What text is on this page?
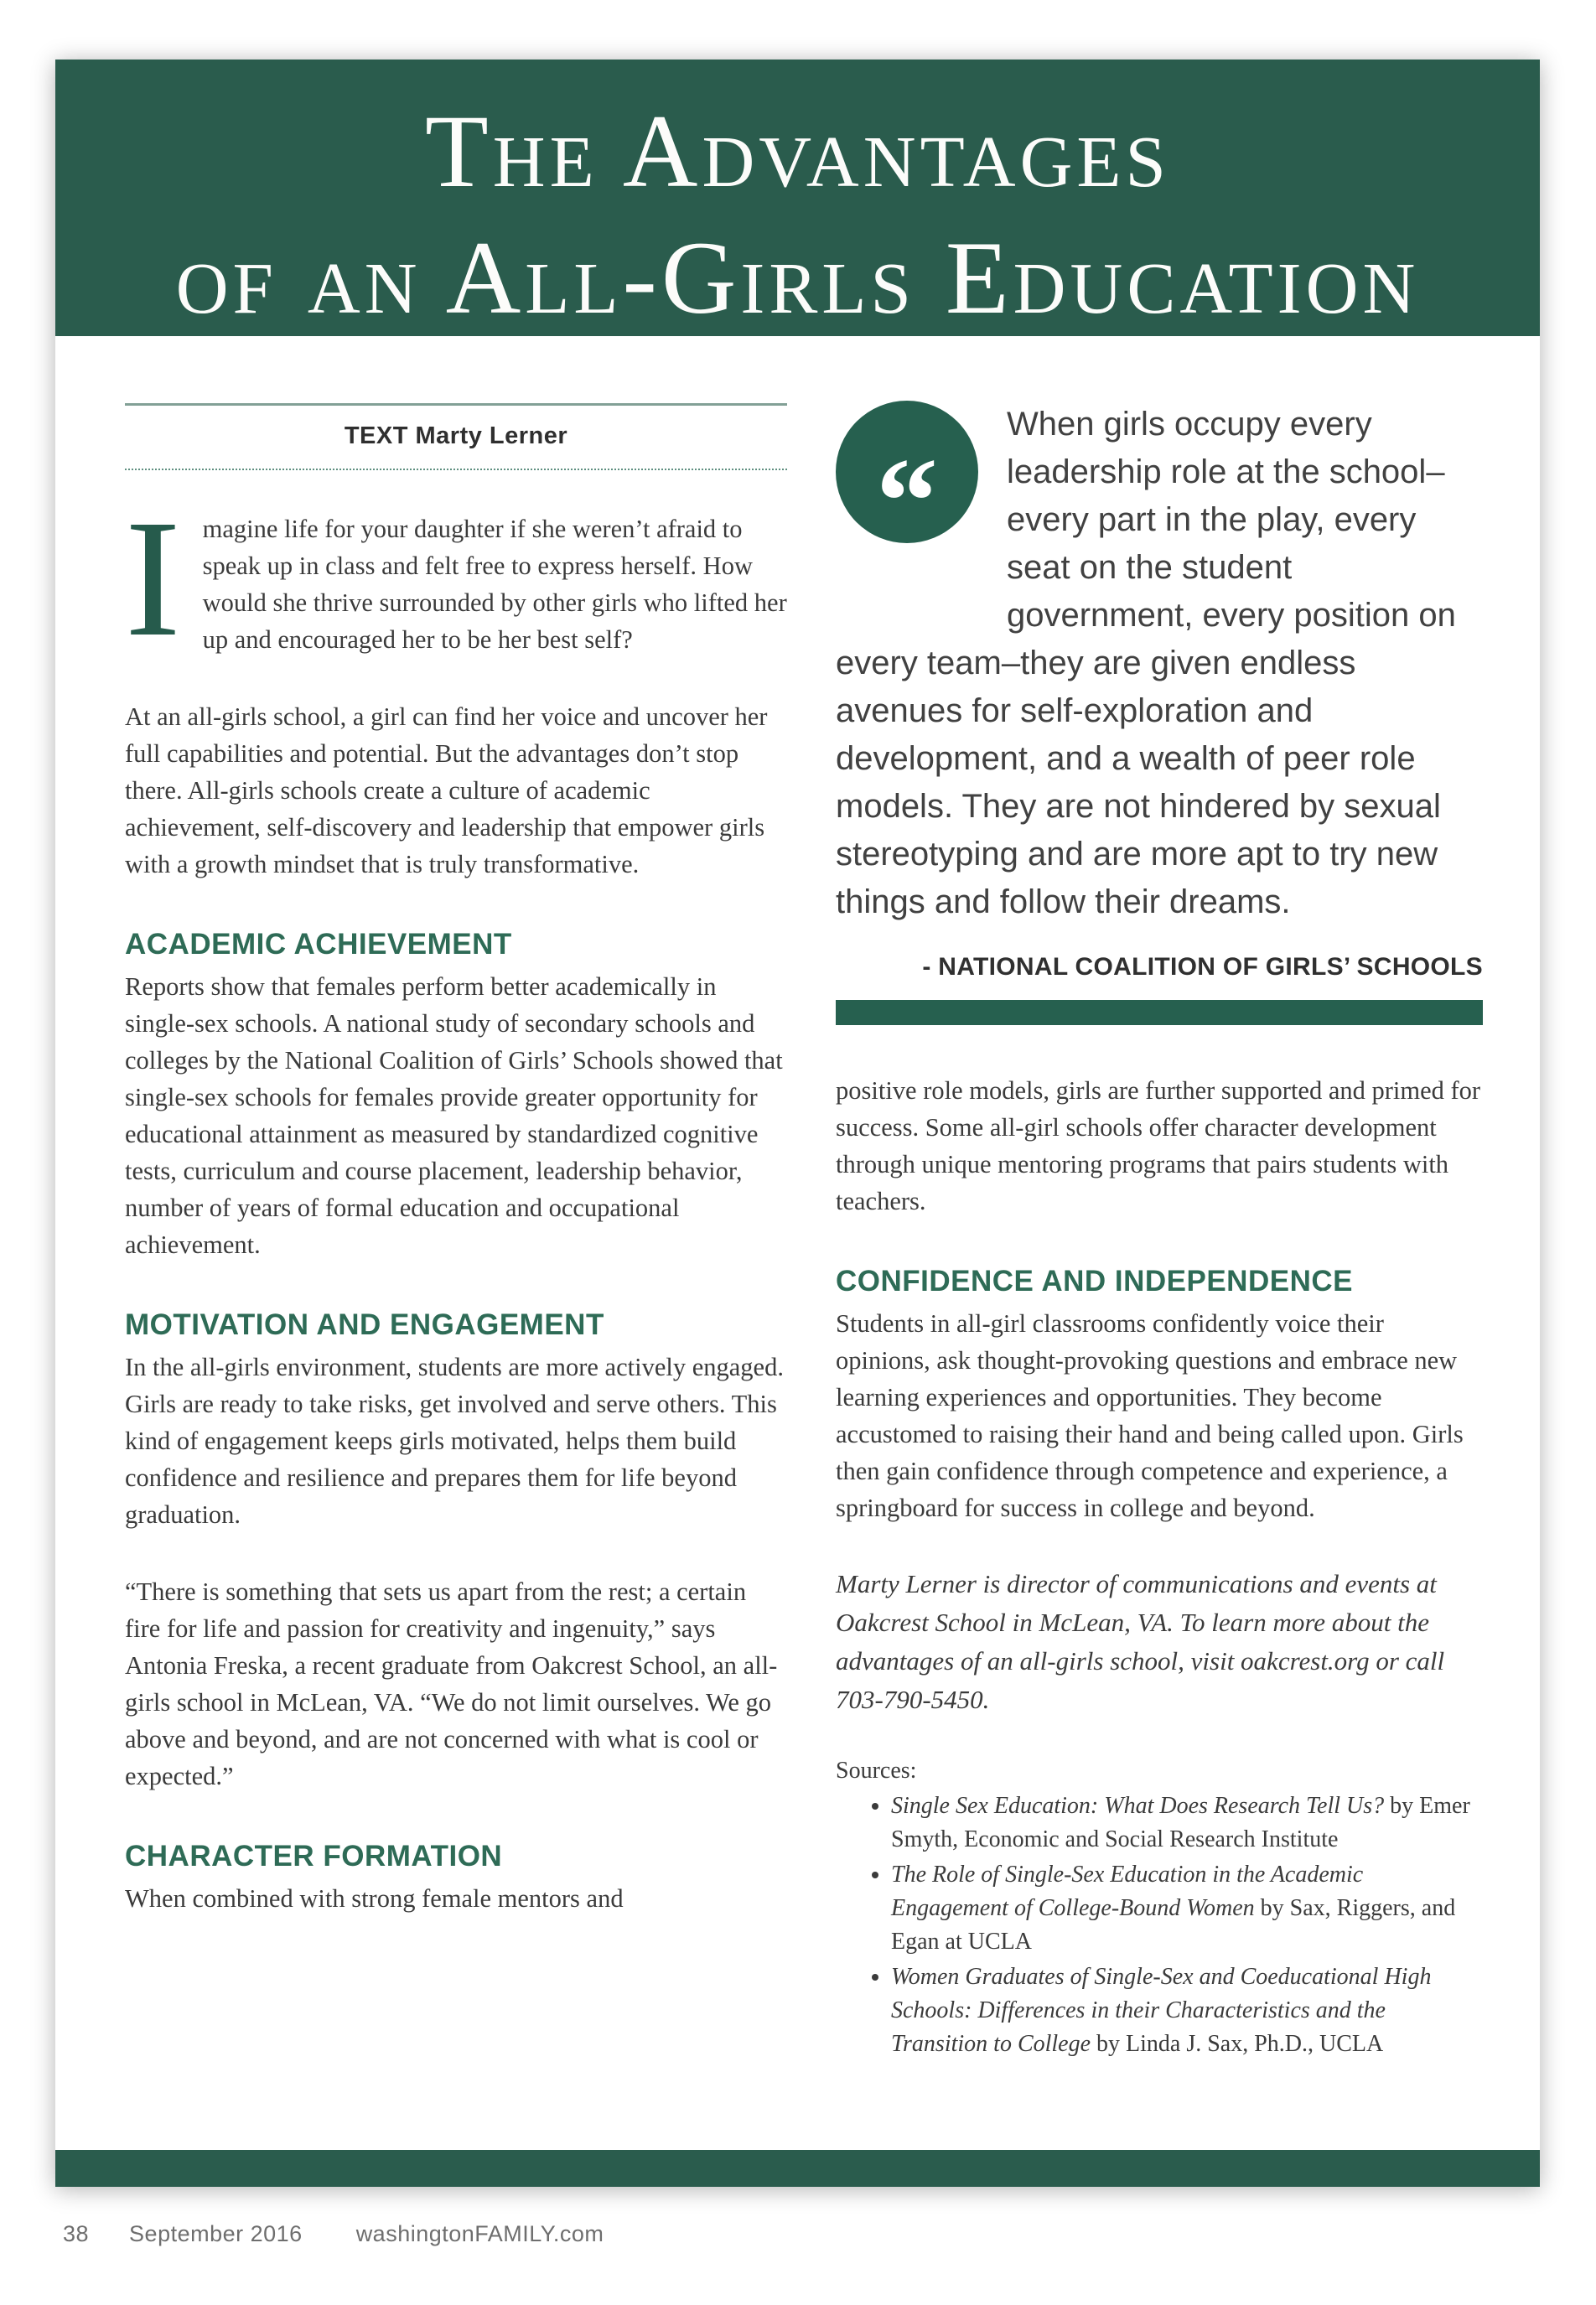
The Advantages
of an All-Girls Education
TEXT Marty Lerner

Imagine life for your daughter if she weren’t afraid to speak up in class and felt free to express herself. How would she thrive surrounded by other girls who lifted her up and encouraged her to be her best self?

At an all-girls school, a girl can find her voice and uncover her full capabilities and potential. But the advantages don’t stop there. All-girls schools create a culture of academic achievement, self-discovery and leadership that empower girls with a growth mindset that is truly transformative.

ACADEMIC ACHIEVEMENT

Reports show that females perform better academically in single-sex schools. A national study of secondary schools and colleges by the National Coalition of Girls’ Schools showed that single-sex schools for females provide greater opportunity for educational attainment as measured by standardized cognitive tests, curriculum and course placement, leadership behavior, number of years of formal education and occupational achievement.

MOTIVATION AND ENGAGEMENT

In the all-girls environment, students are more actively engaged. Girls are ready to take risks, get involved and serve others. This kind of engagement keeps girls motivated, helps them build confidence and resilience and prepares them for life beyond graduation.

“There is something that sets us apart from the rest; a certain fire for life and passion for creativity and ingenuity,” says Antonia Freska, a recent graduate from Oakcrest School, an all-girls school in McLean, VA. “We do not limit ourselves. We go above and beyond, and are not concerned with what is cool or expected.”

CHARACTER FORMATION

When combined with strong female mentors and

“

When girls occupy every leadership role at the school–every part in the play, every seat on the student government, every position on every team–they are given endless avenues for self-exploration and development, and a wealth of peer role models. They are not hindered by sexual stereotyping and are more apt to try new things and follow their dreams.

- NATIONAL COALITION OF GIRLS’ SCHOOLS

positive role models, girls are further supported and primed for success. Some all-girl schools offer character development through unique mentoring programs that pairs students with teachers.

CONFIDENCE AND INDEPENDENCE

Students in all-girl classrooms confidently voice their opinions, ask thought-provoking questions and embrace new learning experiences and opportunities. They become accustomed to raising their hand and being called upon. Girls then gain confidence through competence and experience, a springboard for success in college and beyond.

Marty Lerner is director of communications and events at Oakcrest School in McLean, VA. To learn more about the advantages of an all-girls school, visit oakcrest.org or call 703-790-5450.

Sources:
• Single Sex Education: What Does Research Tell Us? by Emer Smyth, Economic and Social Research Institute
• The Role of Single-Sex Education in the Academic Engagement of College-Bound Women by Sax, Riggers, and Egan at UCLA
• Women Graduates of Single-Sex and Coeducational High Schools: Differences in their Characteristics and the Transition to College by Linda J. Sax, Ph.D., UCLA
38 September 2016 washingtonFAMILY.com
